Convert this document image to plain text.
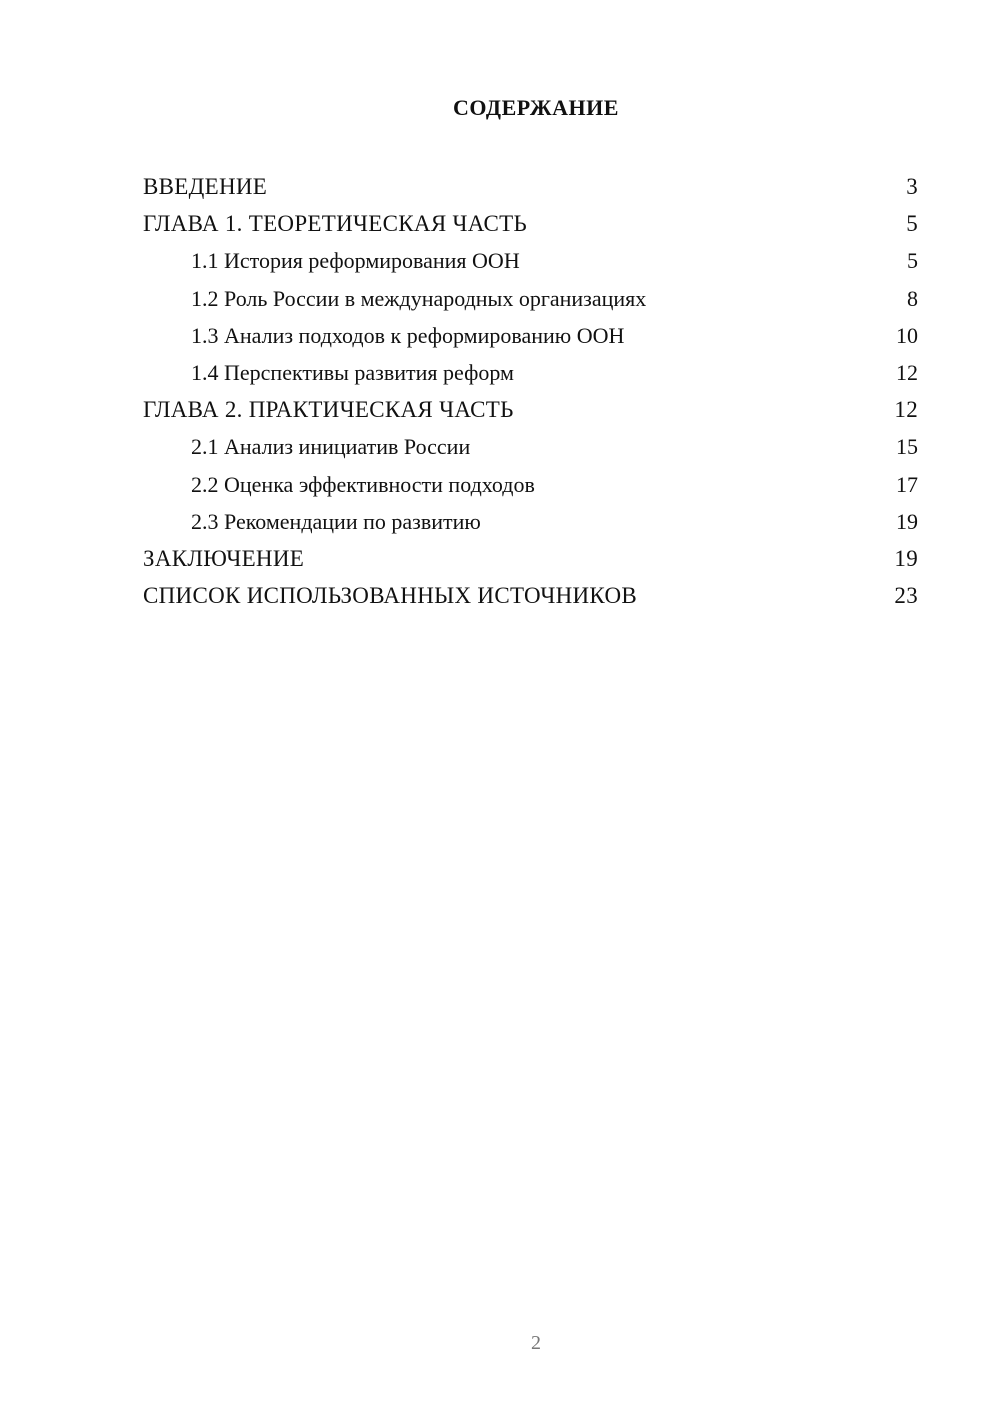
СОДЕРЖАНИЕ
ВВЕДЕНИЕ	3
ГЛАВА 1. ТЕОРЕТИЧЕСКАЯ ЧАСТЬ	5
1.1 История реформирования ООН	5
1.2 Роль России в международных организациях	8
1.3 Анализ подходов к реформированию ООН	10
1.4 Перспективы развития реформ	12
ГЛАВА 2. ПРАКТИЧЕСКАЯ ЧАСТЬ	12
2.1 Анализ инициатив России	15
2.2 Оценка эффективности подходов	17
2.3 Рекомендации по развитию	19
ЗАКЛЮЧЕНИЕ	19
СПИСОК ИСПОЛЬЗОВАННЫХ ИСТОЧНИКОВ	23
2
